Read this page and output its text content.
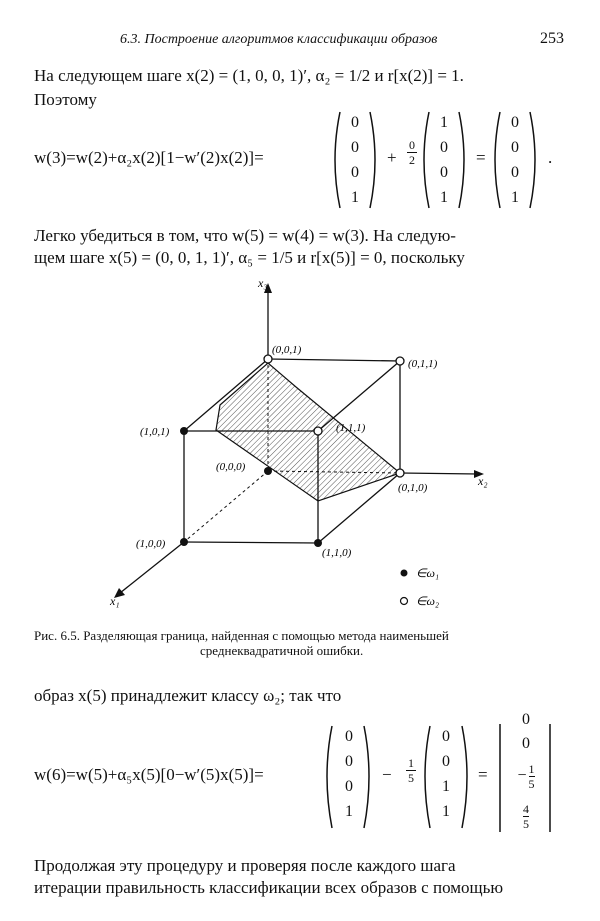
6.3. Построение алгоритмов классификации образов	253
На следующем шаге x(2) = (1, 0, 0, 1)′, α₂ = 1/2 и r[x(2)] = 1.
Поэтому
w(3)=w(2)+α₂x(2)[1−w′(2)x(2)]=
0
0
0
1
+
0
2
1
0
0
1
=
0
0
0
1
.
Легко убедиться в том, что w(5) = w(4) = w(3). На следую-
щем шаге x(5) = (0, 0, 1, 1)′, α₅ = 1/5 и r[x(5)] = 0, поскольку
x₃
x₂
x₁
(0,0,1)
(0,1,1)
(1,0,1)	(1,1,1)
(0,0,0)
(0,1,0)
(1,0,0)
(1,1,0)
∈ω₁
∈ω₂
Рис. 6.5. Разделяющая граница, найденная с помощью метода наименьшей
среднеквадратичной ошибки.
образ x(5) принадлежит классу ω₂; так что
w(6)=w(5)+α₅x(5)[0−w′(5)x(5)]=
0
0
0
1
−
1
5
0
0
1
1
=
0
0
− $\frac{1}{5}$
4
5
Продолжая эту процедуру и проверяя после каждого шага
итерации правильность классификации всех образов с помощью
